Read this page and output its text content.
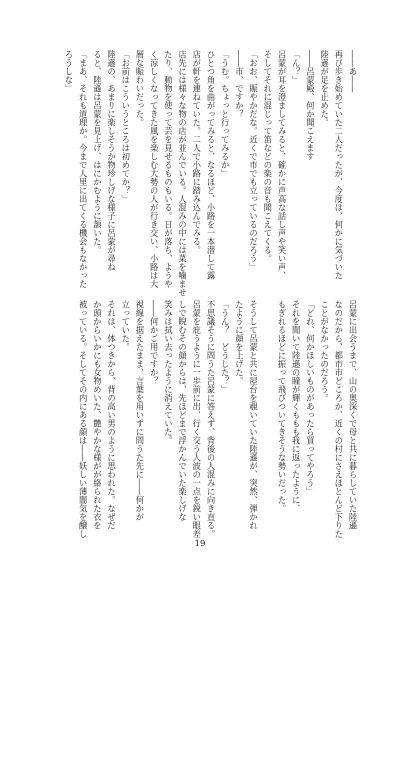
――あ――
再び歩き始めていた二人だったが、今度は、何かに気づいた
陸遜が足を止めた。
――呂蒙殿、何か聞こえます
「ん？」
呂蒙が耳を澄ましてみると、確かに声高な話し声や笑い声、
そしてそれに混じって笛などの楽の音も聞こえてくる。
「おお、賑やかだな。近くで市でも立っているのだろう」
――市、ですか？
「うむ。ちょっと行ってみるか」
ひとつ角を曲がってみると、なるほど、小路を一本潜して露
店が軒を連ねていた。二人で小路に踏み込んでみる。
店先には様々な物の店が並んでいる。人混みの中には菜を噛ませ
たり、動物を使って芸を見せるものもいる。日が落ち、ようや
く涼しくなってきた風を楽しむ大勢の人が行き交い、小路は大
層な賑わいだった。
「お前はこういうところは初めてか？」
陸遜の、あまりに楽しそうか物珍しげな様子に呂蒙が尋ね
ると、陸遜は呂蒙を見上げ、はにかむように頷いた。
「まあ、それも道理か。今まで人里に出てくる機会もなかった
ろうしな」
呂蒙に出会うまで、山の奥深くで母と共に暮らしていた陸遜
なのだから、都市市どころか、近くの村にさえほとんど下りた
ことがなかったのだろう。
「どれ、何かほしいものがあったら買ってやろう」
それを聞いて陸遜の瞳が輝くももも我に返ったように、
もぎれるほどに振って飛びついてきそうな勢いだった。

そうして呂蒙と共に屋台を覗いていた陸遜が、突然、弾かれ
たように顔を上げた。
「うん？　どうした？」
不思議そうに問うた呂蒙に答えず、背後の人混みに向き直る。
呂蒙を庇うように一歩前に出、行く交う人波の一点を鋭い眼差
しで睨むその顔からは、先ほどまで浮かんでいた楽しげな
笑みは拭い去ったように消えていた。
――何かご用ですか？
視線を据えたまま、言葉を用いずに問うた先に――何かが
立っていた。
それは、体つきから、背の高い男のように思われた。なぜだ
か頭からいかにも女物めいた、艶やかな様がが絡られた衣を
被っている。そしてその内にある顔は――妖しい薄闇気を醸し
19
